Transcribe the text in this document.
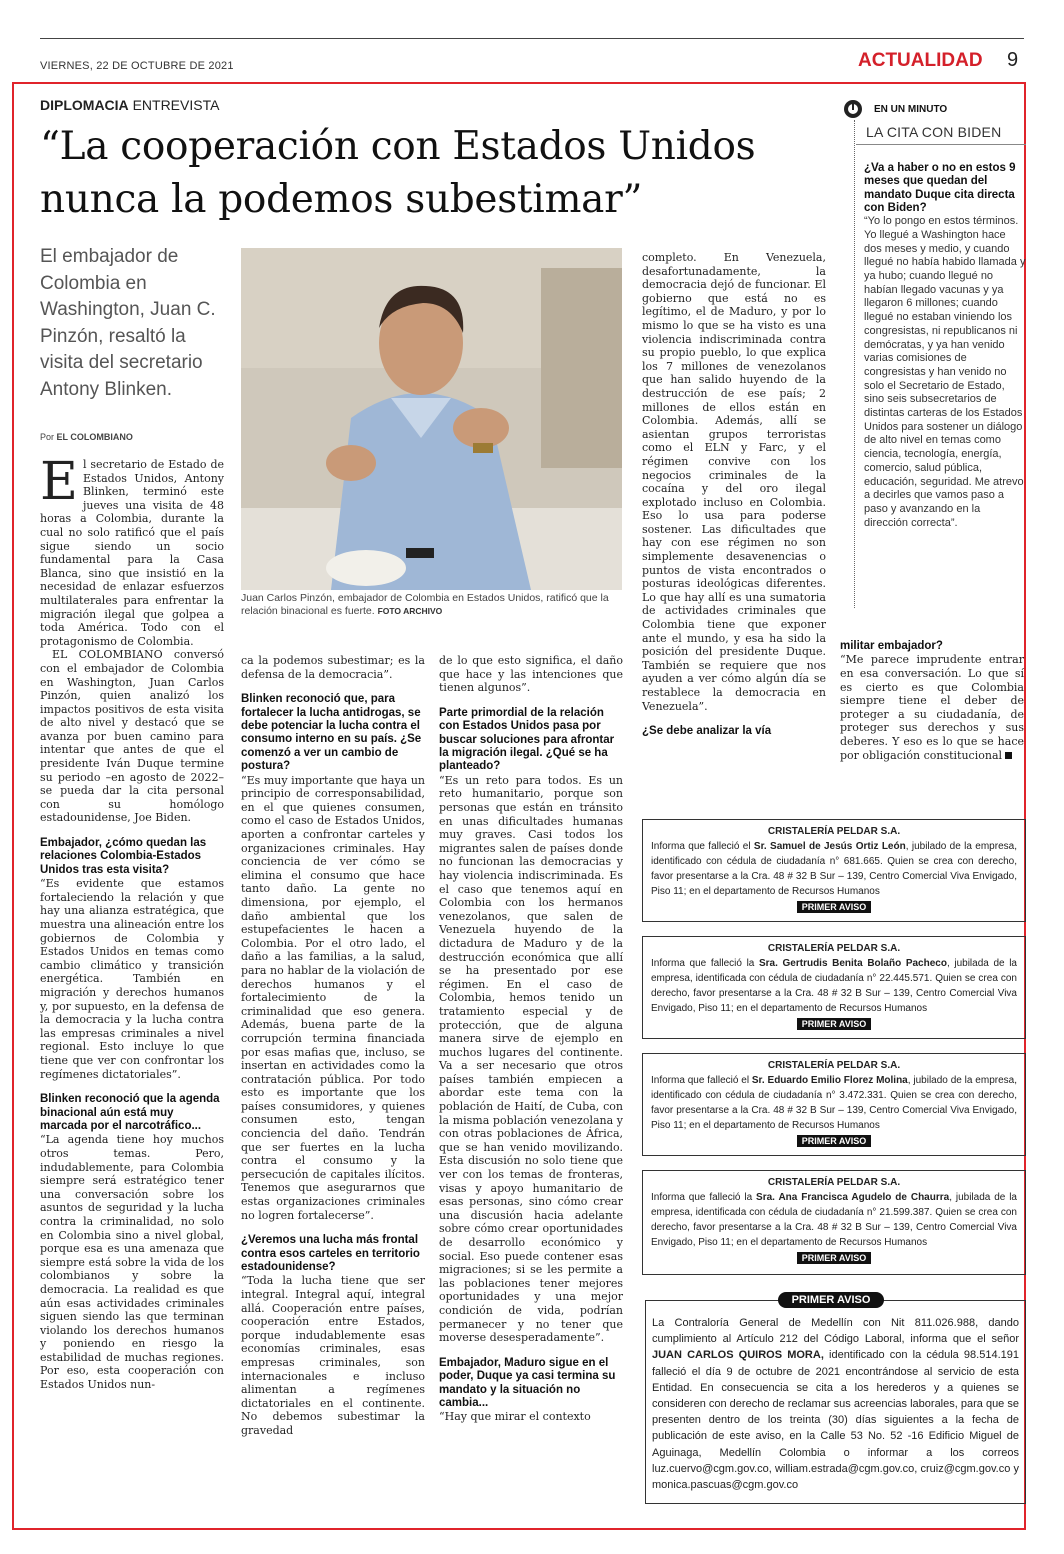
VIERNES, 22 DE OCTUBRE DE 2021	ACTUALIDAD 9
DIPLOMACIA ENTREVISTA
“La cooperación con Estados Unidos nunca la podemos subestimar”
El embajador de Colombia en Washington, Juan C. Pinzón, resaltó la visita del secretario Antony Blinken.
Por EL COLOMBIANO
Juan Carlos Pinzón, embajador de Colombia en Estados Unidos, ratificó que la relación binacional es fuerte. FOTO ARCHIVO

El secretario de Estado de Estados Unidos, Antony Blinken, terminó este jueves una visita de 48 horas a Colombia, durante la cual no solo ratificó que el país sigue siendo un socio fundamental para la Casa Blanca, sino que insistió en la necesidad de enlazar esfuerzos multilaterales para enfrentar la migración ilegal que golpea a toda América. Todo con el protagonismo de Colombia.

EL COLOMBIANO conversó con el embajador de Colombia en Washington, Juan Carlos Pinzón, quien analizó los impactos positivos de esta visita de alto nivel y destacó que se avanza por buen camino para intentar que antes de que el presidente Iván Duque termine su periodo –en agosto de 2022– se pueda dar la cita personal con su homólogo estadounidense, Joe Biden.

Embajador, ¿cómo quedan las relaciones Colombia-Estados Unidos tras esta visita?

“Es evidente que estamos fortaleciendo la relación y que hay una alianza estratégica, que muestra una alineación entre los gobiernos de Colombia y Estados Unidos en temas como cambio climático y transición energética. También en migración y derechos humanos y, por supuesto, en la defensa de la democracia y la lucha contra las empresas criminales a nivel regional. Esto incluye lo que tiene que ver con confrontar los regímenes dictatoriales”.

Blinken reconoció que la agenda binacional aún está muy marcada por el narcotráfico...

“La agenda tiene hoy muchos otros temas. Pero, indudablemente, para Colombia siempre será estratégico tener una conversación sobre los asuntos de seguridad y la lucha contra la criminalidad, no solo en Colombia sino a nivel global, porque esa es una amenaza que siempre está sobre la vida de los colombianos y sobre la democracia. La realidad es que aún esas actividades criminales siguen siendo las que terminan violando los derechos humanos y poniendo en riesgo la estabilidad de muchas regiones. Por eso, esta cooperación con Estados Unidos nun-

ca la podemos subestimar; es la defensa de la democracia”.

Blinken reconoció que, para fortalecer la lucha antidrogas, se debe potenciar la lucha contra el consumo interno en su país. ¿Se comenzó a ver un cambio de postura?

“Es muy importante que haya un principio de corresponsabilidad, en el que quienes consumen, como el caso de Estados Unidos, aporten a confrontar carteles y organizaciones criminales. Hay conciencia de ver cómo se elimina el consumo que hace tanto daño. La gente no dimensiona, por ejemplo, el daño ambiental que los estupefacientes le hacen a Colombia. Por el otro lado, el daño a las familias, a la salud, para no hablar de la violación de derechos humanos y el fortalecimiento de la criminalidad que eso genera. Además, buena parte de la corrupción termina financiada por esas mafias que, incluso, se insertan en actividades como la contratación pública. Por todo esto es importante que los países consumidores, y quienes consumen esto, tengan conciencia del daño. Tendrán que ser fuertes en la lucha contra el consumo y la persecución de capitales ilícitos. Tenemos que asegurarnos que estas organizaciones criminales no logren fortalecerse”.

¿Veremos una lucha más frontal contra esos carteles en territorio estadounidense?

“Toda la lucha tiene que ser integral. Integral aquí, integral allá. Cooperación entre países, cooperación entre Estados, porque indudablemente esas economías criminales, esas empresas criminales, son internacionales e incluso alimentan a regímenes dictatoriales en el continente. No debemos subestimar la gravedad

de lo que esto significa, el daño que hace y las intenciones que tienen algunos”.

Parte primordial de la relación con Estados Unidos pasa por buscar soluciones para afrontar la migración ilegal. ¿Qué se ha planteado?

“Es un reto para todos. Es un reto humanitario, porque son personas que están en tránsito en unas dificultades humanas muy graves. Casi todos los migrantes salen de países donde no funcionan las democracias y hay violencia indiscriminada. Es el caso que tenemos aquí en Colombia con los hermanos venezolanos, que salen de Venezuela huyendo de la dictadura de Maduro y de la destrucción económica que allí se ha presentado por ese régimen. En el caso de Colombia, hemos tenido un tratamiento especial y de protección, que de alguna manera sirve de ejemplo en muchos lugares del continente. Va a ser necesario que otros países también empiecen a abordar este tema con la población de Haití, de Cuba, con la misma población venezolana y con otras poblaciones de África, que se han venido movilizando. Esta discusión no solo tiene que ver con los temas de fronteras, visas y apoyo humanitario de esas personas, sino cómo crear una discusión hacia adelante sobre cómo crear oportunidades de desarrollo económico y social. Eso puede contener esas migraciones; si se les permite a las poblaciones tener mejores oportunidades y una mejor condición de vida, podrían permanecer y no tener que moverse desesperadamente”.

Embajador, Maduro sigue en el poder, Duque ya casi termina su mandato y la situación no cambia...

“Hay que mirar el contexto

completo. En Venezuela, desafortunadamente, la democracia dejó de funcionar. El gobierno que está no es legítimo, el de Maduro, y por lo mismo lo que se ha visto es una violencia indiscriminada contra su propio pueblo, lo que explica los 7 millones de venezolanos que han salido huyendo de la destrucción de ese país; 2 millones de ellos están en Colombia. Además, allí se asientan grupos terroristas como el ELN y Farc, y el régimen convive con los negocios criminales de la cocaína y del oro ilegal explotado incluso en Colombia. Eso lo usa para poderse sostener. Las dificultades que hay con ese régimen no son simplemente desavenencias o puntos de vista encontrados o posturas ideológicas diferentes. Lo que hay allí es una sumatoria de actividades criminales que Colombia tiene que exponer ante el mundo, y esa ha sido la posición del presidente Duque. También se requiere que nos ayuden a ver cómo algún día se restablece la democracia en Venezuela”.

¿Se debe analizar la vía

militar embajador?

“Me parece imprudente entrar en esa conversación. Lo que sí es cierto es que Colombia siempre tiene el deber de proteger a su ciudadanía, de proteger sus derechos y sus deberes. Y eso es lo que se hace por obligación constitucional

EN UN MINUTO
LA CITA CON BIDEN

¿Va a haber o no en estos 9 meses que quedan del mandato Duque cita directa con Biden?

“Yo lo pongo en estos términos. Yo llegué a Washington hace dos meses y medio, y cuando llegué no había habido llamada y ya hubo; cuando llegué no habían llegado vacunas y ya llegaron 6 millones; cuando llegué no estaban viniendo los congresistas, ni republicanos ni demócratas, y ya han venido varias comisiones de congresistas y han venido no solo el Secretario de Estado, sino seis subsecretarios de distintas carteras de los Estados Unidos para sostener un diálogo de alto nivel en temas como ciencia, tecnología, energía, comercio, salud pública, educación, seguridad. Me atrevo a decirles que vamos paso a paso y avanzando en la dirección correcta”.

CRISTALERÍA PELDAR S.A.

Informa que falleció el Sr. Samuel de Jesús Ortiz León, jubilado de la empresa, identificado con cédula de ciudadanía n° 681.665. Quien se crea con derecho, favor presentarse a la Cra. 48 # 32 B Sur – 139, Centro Comercial Viva Envigado, Piso 11; en el departamento de Recursos Humanos

PRIMER AVISO

CRISTALERÍA PELDAR S.A.

Informa que falleció la Sra. Gertrudis Benita Bolaño Pacheco, jubilada de la empresa, identificada con cédula de ciudadanía n° 22.445.571. Quien se crea con derecho, favor presentarse a la Cra. 48 # 32 B Sur – 139, Centro Comercial Viva Envigado, Piso 11; en el departamento de Recursos Humanos

PRIMER AVISO

CRISTALERÍA PELDAR S.A.

Informa que falleció el Sr. Eduardo Emilio Florez Molina, jubilado de la empresa, identificado con cédula de ciudadanía n° 3.472.331. Quien se crea con derecho, favor presentarse a la Cra. 48 # 32 B Sur – 139, Centro Comercial Viva Envigado, Piso 11; en el departamento de Recursos Humanos

PRIMER AVISO

CRISTALERÍA PELDAR S.A.

Informa que falleció la Sra. Ana Francisca Agudelo de Chaurra, jubilada de la empresa, identificada con cédula de ciudadanía n° 21.599.387. Quien se crea con derecho, favor presentarse a la Cra. 48 # 32 B Sur – 139, Centro Comercial Viva Envigado, Piso 11; en el departamento de Recursos Humanos

PRIMER AVISO

La Contraloría General de Medellín con Nit 811.026.988, dando cumplimiento al Artículo 212 del Código Laboral, informa que el señor JUAN CARLOS QUIROS MORA, identificado con la cédula 98.514.191 falleció el día 9 de octubre de 2021 encontrándose al servicio de esta Entidad. En consecuencia se cita a los herederos y a quienes se consideren con derecho de reclamar sus acreencias laborales, para que se presenten dentro de los treinta (30) días siguientes a la fecha de publicación de este aviso, en la Calle 53 No. 52 -16 Edificio Miguel de Aguinaga, Medellín Colombia o informar a los correos luz.cuervo@cgm.gov.co, william.estrada@cgm.gov.co, cruiz@cgm.gov.co y monica.pascuas@cgm.gov.co

PRIMER AVISO
